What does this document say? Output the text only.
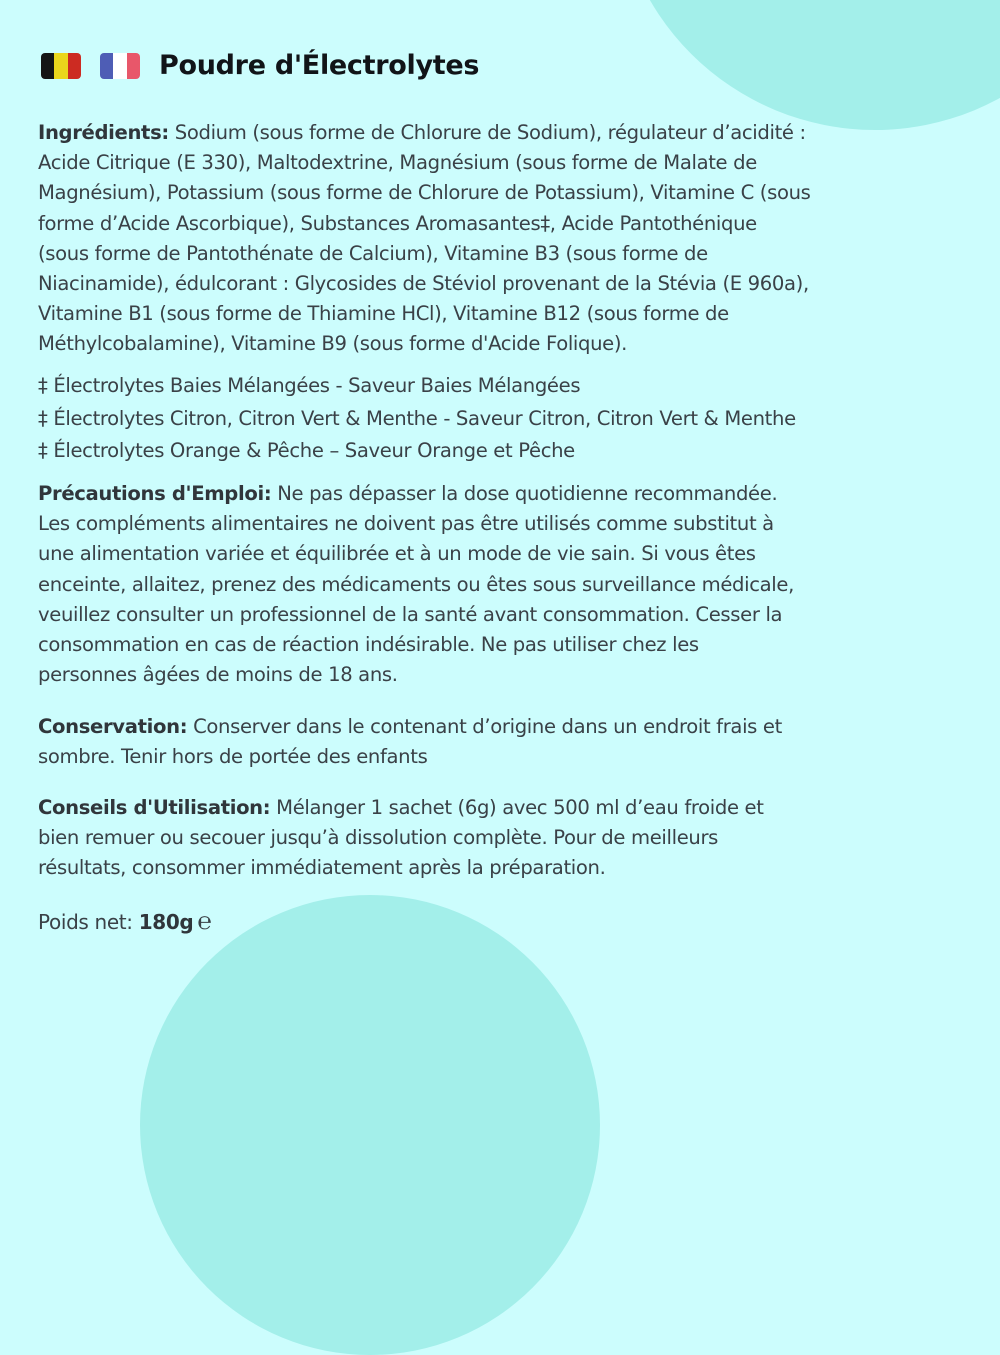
Poudre d'Électrolytes
Ingrédients: Sodium (sous forme de Chlorure de Sodium), régulateur d’acidité :
Acide Citrique (E 330), Maltodextrine, Magnésium (sous forme de Malate de
Magnésium), Potassium (sous forme de Chlorure de Potassium), Vitamine C (sous
forme d’Acide Ascorbique), Substances Aromasantes‡, Acide Pantothénique
(sous forme de Pantothénate de Calcium), Vitamine B3 (sous forme de
Niacinamide), édulcorant : Glycosides de Stéviol provenant de la Stévia (E 960a),
Vitamine B1 (sous forme de Thiamine HCl), Vitamine B12 (sous forme de
Méthylcobalamine), Vitamine B9 (sous forme d'Acide Folique).
‡ Électrolytes Baies Mélangées - Saveur Baies Mélangées
‡ Électrolytes Citron, Citron Vert & Menthe - Saveur Citron, Citron Vert & Menthe
‡ Électrolytes Orange & Pêche – Saveur Orange et Pêche
Précautions d'Emploi: Ne pas dépasser la dose quotidienne recommandée.
Les compléments alimentaires ne doivent pas être utilisés comme substitut à
une alimentation variée et équilibrée et à un mode de vie sain. Si vous êtes
enceinte, allaitez, prenez des médicaments ou êtes sous surveillance médicale,
veuillez consulter un professionnel de la santé avant consommation. Cesser la
consommation en cas de réaction indésirable. Ne pas utiliser chez les
personnes âgées de moins de 18 ans.
Conservation: Conserver dans le contenant d’origine dans un endroit frais et
sombre. Tenir hors de portée des enfants
Conseils d'Utilisation: Mélanger 1 sachet (6g) avec 500 ml d’eau froide et
bien remuer ou secouer jusqu’à dissolution complète. Pour de meilleurs
résultats, consommer immédiatement après la préparation.
Poids net: 180g ℮
